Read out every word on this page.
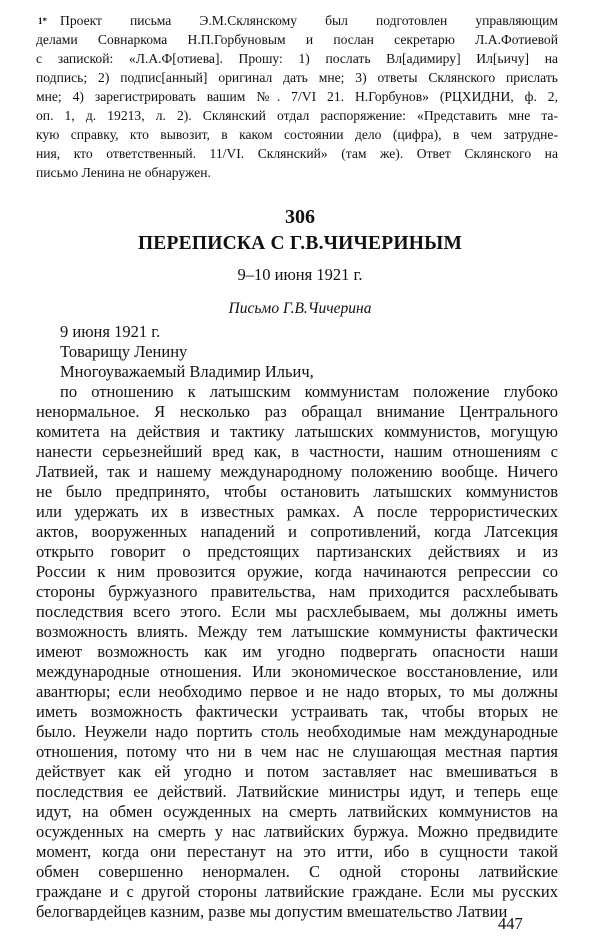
1* Проект письма Э.М.Склянскому был подготовлен управляющим
делами Совнаркома Н.П.Горбуновым и послан секретарю Л.А.Фотиевой
с запиской: «Л.А.Ф[отиева]. Прошу: 1) послать Вл[адимиру] Ил[ьичу] на
подпись; 2) подпис[анный] оригинал дать мне; 3) ответы Склянского прислать
мне; 4) зарегистрировать вашим №. 7/VI 21. Н.Горбунов» (РЦХИДНИ, ф. 2,
оп. 1, д. 19213, л. 2). Склянский отдал распоряжение: «Представить мне та-
кую справку, кто вывозит, в каком состоянии дело (цифра), в чем затрудне-
ния, кто ответственный. 11/VI. Склянский» (там же). Ответ Склянского на
письмо Ленина не обнаружен.
306
ПЕРЕПИСКА С Г.В.ЧИЧЕРИНЫМ
9–10 июня 1921 г.
Письмо Г.В.Чичерина
9 июня 1921 г.
Товарищу Ленину
Многоуважаемый Владимир Ильич,
по отношению к латышским коммунистам положение глубоко
ненормальное. Я несколько раз обращал внимание Центрального
комитета на действия и тактику латышских коммунистов, могущую
нанести серьезнейший вред как, в частности, нашим отношениям с
Латвией, так и нашему международному положению вообще. Ничего
не было предпринято, чтобы остановить латышских коммунистов
или удержать их в известных рамках. А после террористических
актов, вооруженных нападений и сопротивлений, когда Латсекция
открыто говорит о предстоящих партизанских действиях и из
России к ним провозится оружие, когда начинаются репрессии со
стороны буржуазного правительства, нам приходится расхлебывать
последствия всего этого. Если мы расхлебываем, мы должны иметь
возможность влиять. Между тем латышские коммунисты фактически
имеют возможность как им угодно подвергать опасности наши
международные отношения. Или экономическое восстановление, или
авантюры; если необходимо первое и не надо вторых, то мы должны
иметь возможность фактически устраивать так, чтобы вторых не
было. Неужели надо портить столь необходимые нам международные
отношения, потому что ни в чем нас не слушающая местная партия
действует как ей угодно и потом заставляет нас вмешиваться в
последствия ее действий. Латвийские министры идут, и теперь еще
идут, на обмен осужденных на смерть латвийских коммунистов на
осужденных на смерть у нас латвийских буржуа. Можно предвидите
момент, когда они перестанут на это итти, ибо в сущности такой
обмен совершенно ненормален. С одной стороны латвийские
граждане и с другой стороны латвийские граждане. Если мы русских
белогвардейцев казним, разве мы допустим вмешательство Латвии
447
